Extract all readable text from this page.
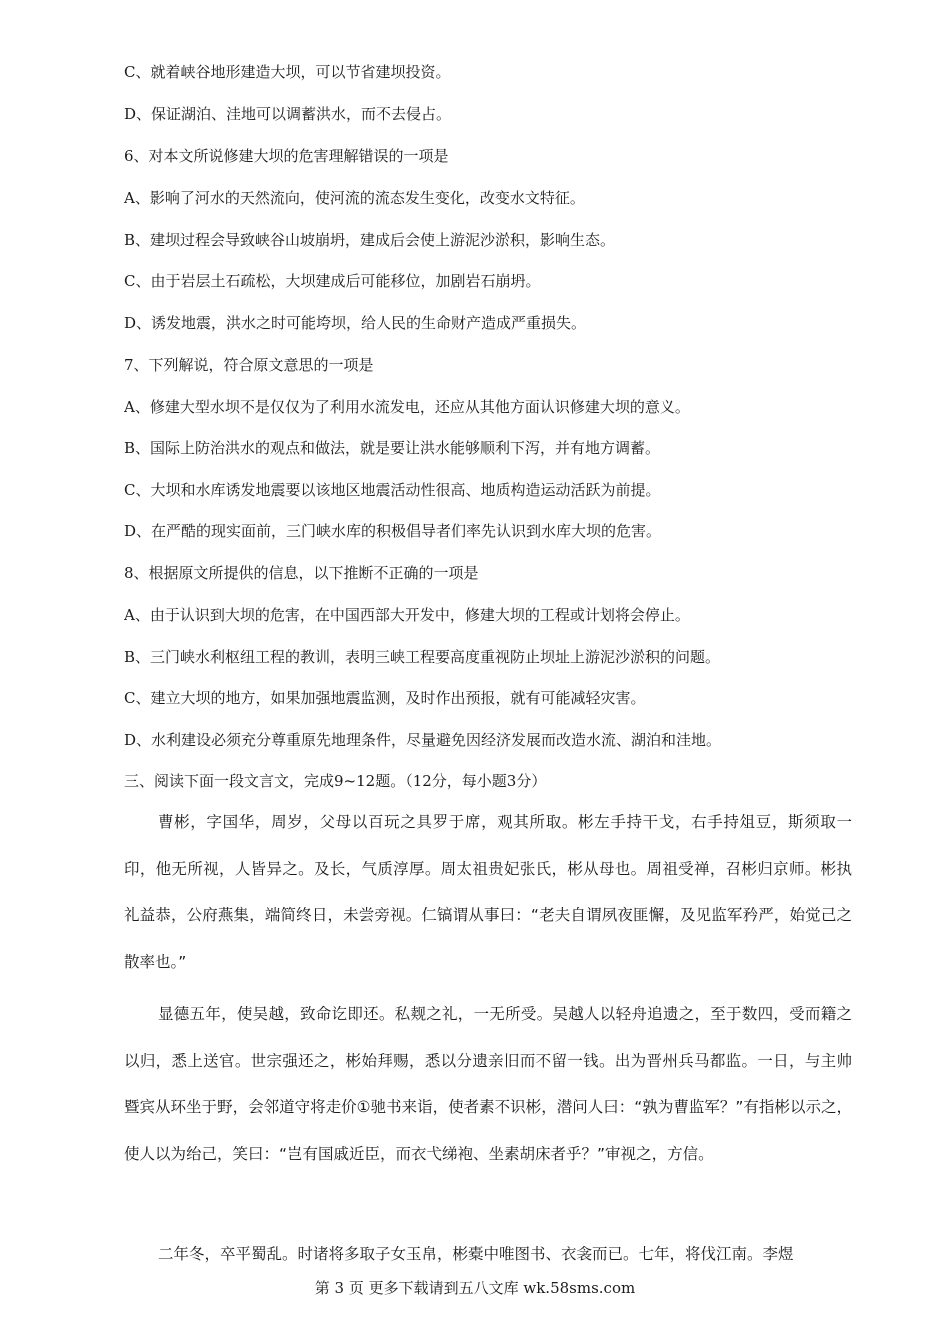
C、就着峡谷地形建造大坝，可以节省建坝投资。
D、保证湖泊、洼地可以调蓄洪水，而不去侵占。
6、对本文所说修建大坝的危害理解错误的一项是
A、影响了河水的天然流向，使河流的流态发生变化，改变水文特征。
B、建坝过程会导致峡谷山坡崩坍，建成后会使上游泥沙淤积，影响生态。
C、由于岩层土石疏松，大坝建成后可能移位，加剧岩石崩坍。
D、诱发地震，洪水之时可能垮坝，给人民的生命财产造成严重损失。
7、下列解说，符合原文意思的一项是
A、修建大型水坝不是仅仅为了利用水流发电，还应从其他方面认识修建大坝的意义。
B、国际上防治洪水的观点和做法，就是要让洪水能够顺利下泻，并有地方调蓄。
C、大坝和水库诱发地震要以该地区地震活动性很高、地质构造运动活跃为前提。
D、在严酷的现实面前，三门峡水库的积极倡导者们率先认识到水库大坝的危害。
8、根据原文所提供的信息，以下推断不正确的一项是
A、由于认识到大坝的危害，在中国西部大开发中，修建大坝的工程或计划将会停止。
B、三门峡水利枢纽工程的教训，表明三峡工程要高度重视防止坝址上游泥沙淤积的问题。
C、建立大坝的地方，如果加强地震监测，及时作出预报，就有可能减轻灾害。
D、水利建设必须充分尊重原先地理条件，尽量避免因经济发展而改造水流、湖泊和洼地。
三、阅读下面一段文言文，完成9~12题。（12分，每小题3分）
曹彬，字国华，周岁，父母以百玩之具罗于席，观其所取。彬左手持干戈，右手持俎豆，斯须取一印，他无所视，人皆异之。及长，气质淳厚。周太祖贵妃张氏，彬从母也。周祖受禅，召彬归京师。彬执礼益恭，公府燕集，端简终日，未尝旁视。仁镐谓从事曰：“老夫自谓夙夜匪懈，及见监军矜严，始觉己之散率也。”
显德五年，使吴越，致命讫即还。私觌之礼，一无所受。吴越人以轻舟追遗之，至于数四，受而籍之以归，悉上送官。世宗强还之，彬始拜赐，悉以分遗亲旧而不留一钱。出为晋州兵马都监。一日，与主帅暨宾从环坐于野，会邻道守将走价①驰书来诣，使者素不识彬，潜问人曰：“孰为曹监军？”有指彬以示之，使人以为绐己，笑曰：“岂有国戚近臣，而衣弋绨袍、坐素胡床者乎？”审视之，方信。
二年冬，卒平蜀乱。时诸将多取子女玉帛，彬橐中唯图书、衣衾而已。七年，将伐江南。李煜
第 3 页 更多下载请到五八文库 wk.58sms.com
